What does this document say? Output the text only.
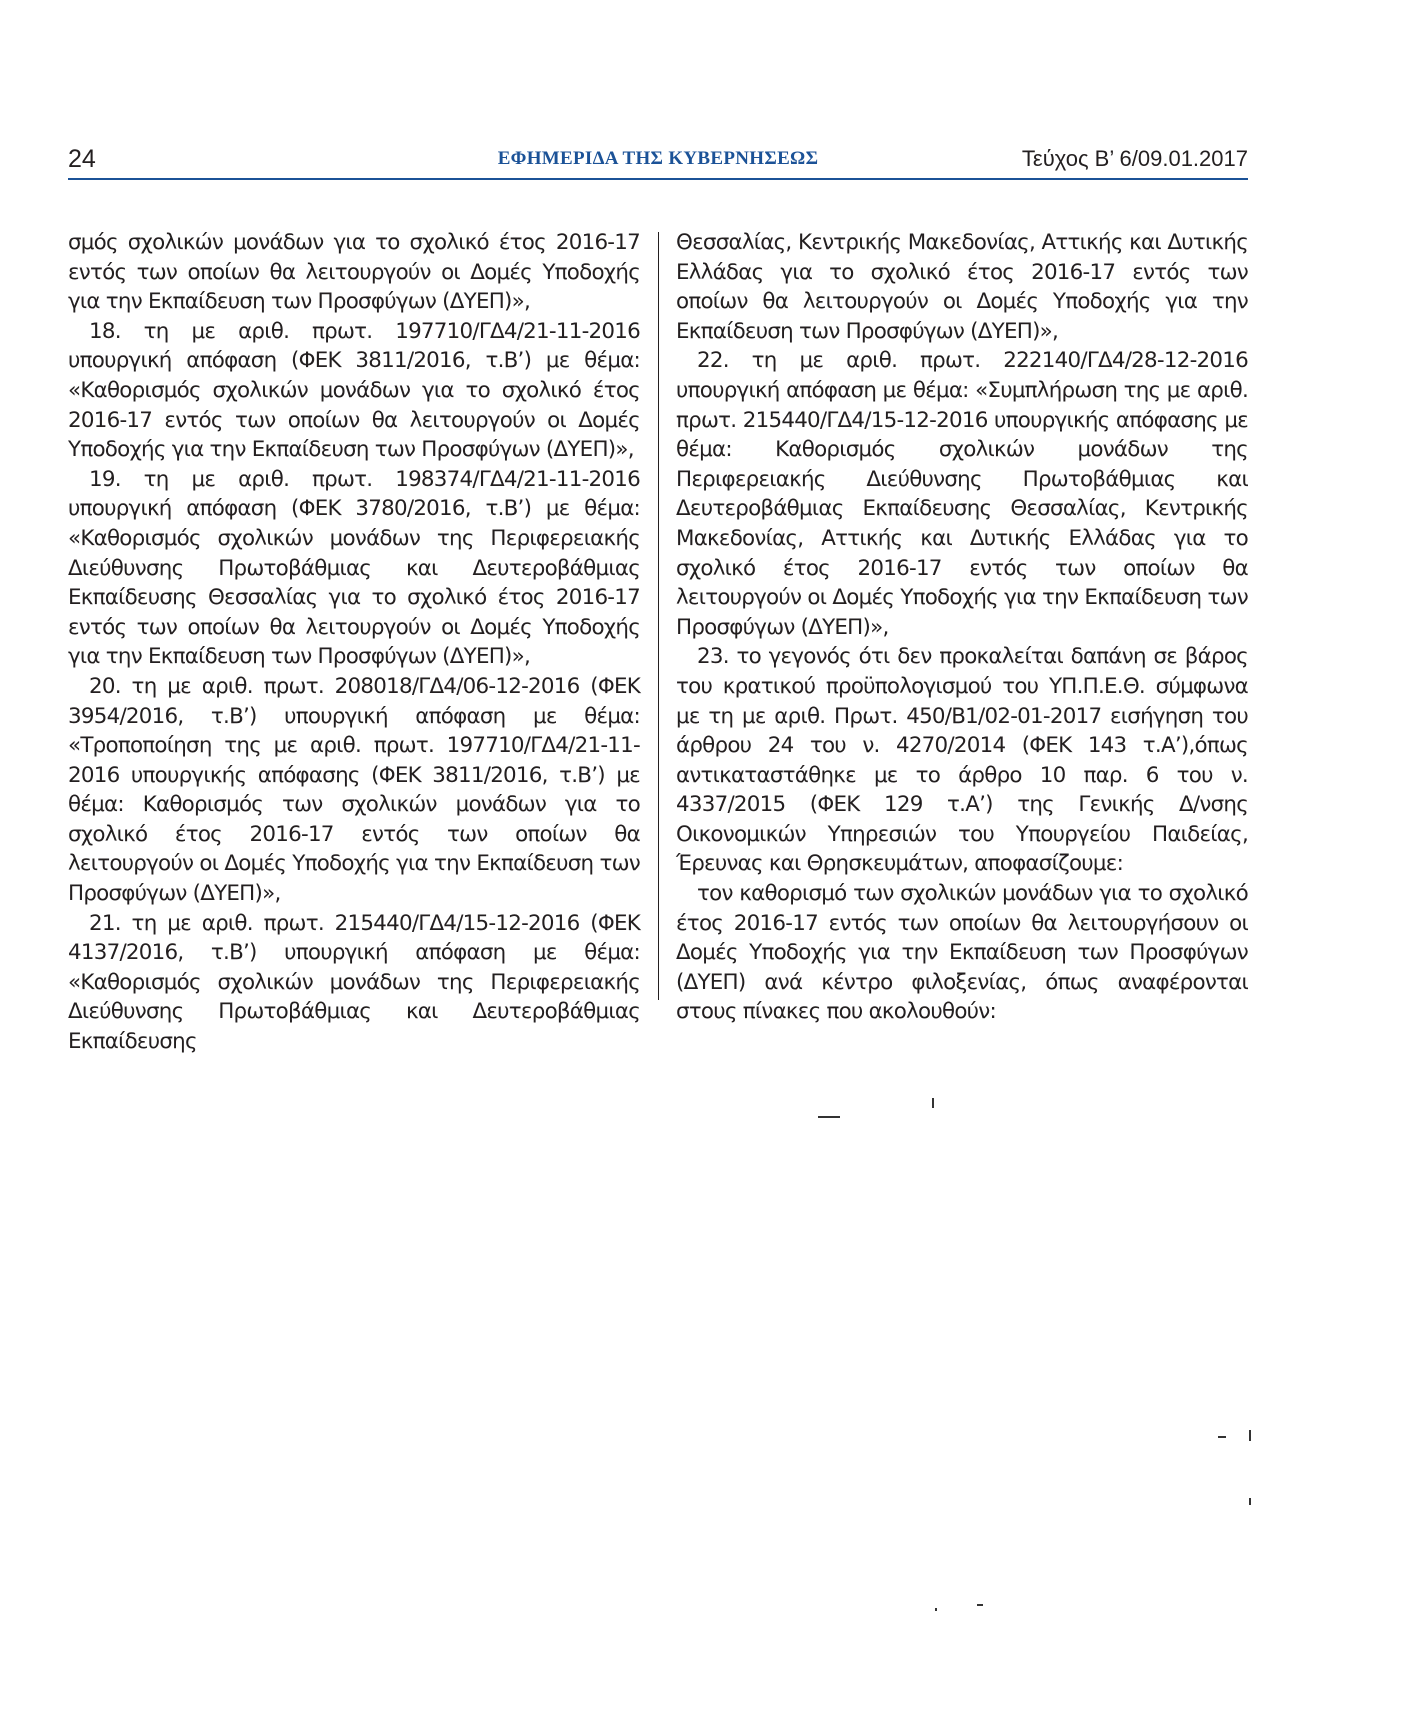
24	ΕΦΗΜΕΡΙΔΑ ΤΗΣ ΚΥΒΕΡΝΗΣΕΩΣ	Τεύχος Β’ 6/09.01.2017

σμός σχολικών μονάδων για το σχολικό έτος 2016-17 εντός των οποίων θα λειτουργούν οι Δομές Υποδοχής για την Εκπαίδευση των Προσφύγων (ΔΥΕΠ)»,

18. τη με αριθ. πρωτ. 197710/ΓΔ4/21-11-2016 υπουργική απόφαση (ΦΕΚ 3811/2016, τ.Β’) με θέμα: «Καθορισμός σχολικών μονάδων για το σχολικό έτος 2016-17 εντός των οποίων θα λειτουργούν οι Δομές Υποδοχής για την Εκπαίδευση των Προσφύγων (ΔΥΕΠ)»,

19. τη με αριθ. πρωτ. 198374/ΓΔ4/21-11-2016 υπουργική απόφαση (ΦΕΚ 3780/2016, τ.Β’) με θέμα: «Καθορισμός σχολικών μονάδων της Περιφερειακής Διεύθυνσης Πρωτοβάθμιας και Δευτεροβάθμιας Εκπαίδευσης Θεσσαλίας για το σχολικό έτος 2016-17 εντός των οποίων θα λειτουργούν οι Δομές Υποδοχής για την Εκπαίδευση των Προσφύγων (ΔΥΕΠ)»,

20. τη με αριθ. πρωτ. 208018/ΓΔ4/06-12-2016 (ΦΕΚ 3954/2016, τ.Β’) υπουργική απόφαση με θέμα: «Τροποποίηση της με αριθ. πρωτ. 197710/ΓΔ4/21-11-2016 υπουργικής απόφασης (ΦΕΚ 3811/2016, τ.Β’) με θέμα: Καθορισμός των σχολικών μονάδων για το σχολικό έτος 2016-17 εντός των οποίων θα λειτουργούν οι Δομές Υποδοχής για την Εκπαίδευση των Προσφύγων (ΔΥΕΠ)»,

21. τη με αριθ. πρωτ. 215440/ΓΔ4/15-12-2016 (ΦΕΚ 4137/2016, τ.Β’) υπουργική απόφαση με θέμα: «Καθορισμός σχολικών μονάδων της Περιφερειακής Διεύθυνσης Πρωτοβάθμιας και Δευτεροβάθμιας Εκπαίδευσης

Θεσσαλίας, Κεντρικής Μακεδονίας, Αττικής και Δυτικής Ελλάδας για το σχολικό έτος 2016-17 εντός των οποίων θα λειτουργούν οι Δομές Υποδοχής για την Εκπαίδευση των Προσφύγων (ΔΥΕΠ)»,

22. τη με αριθ. πρωτ. 222140/ΓΔ4/28-12-2016 υπουργική απόφαση με θέμα: «Συμπλήρωση της με αριθ. πρωτ. 215440/ΓΔ4/15-12-2016 υπουργικής απόφασης με θέμα: Καθορισμός σχολικών μονάδων της Περιφερειακής Διεύθυνσης Πρωτοβάθμιας και Δευτεροβάθμιας Εκπαίδευσης Θεσσαλίας, Κεντρικής Μακεδονίας, Αττικής και Δυτικής Ελλάδας για το σχολικό έτος 2016-17 εντός των οποίων θα λειτουργούν οι Δομές Υποδοχής για την Εκπαίδευση των Προσφύγων (ΔΥΕΠ)»,

23. το γεγονός ότι δεν προκαλείται δαπάνη σε βάρος του κρατικού προϋπολογισμού του ΥΠ.Π.Ε.Θ. σύμφωνα με τη με αριθ. Πρωτ. 450/Β1/02-01-2017 εισήγηση του άρθρου 24 του ν. 4270/2014 (ΦΕΚ 143 τ.Α’),όπως αντικαταστάθηκε με το άρθρο 10 παρ. 6 του ν. 4337/2015 (ΦΕΚ 129 τ.Α’) της Γενικής Δ/νσης Οικονομικών Υπηρεσιών του Υπουργείου Παιδείας, Έρευνας και Θρησκευμάτων, αποφασίζουμε:

τον καθορισμό των σχολικών μονάδων για το σχολικό έτος 2016-17 εντός των οποίων θα λειτουργήσουν οι Δομές Υποδοχής για την Εκπαίδευση των Προσφύγων (ΔΥΕΠ) ανά κέντρο φιλοξενίας, όπως αναφέρονται στους πίνακες που ακολουθούν:
